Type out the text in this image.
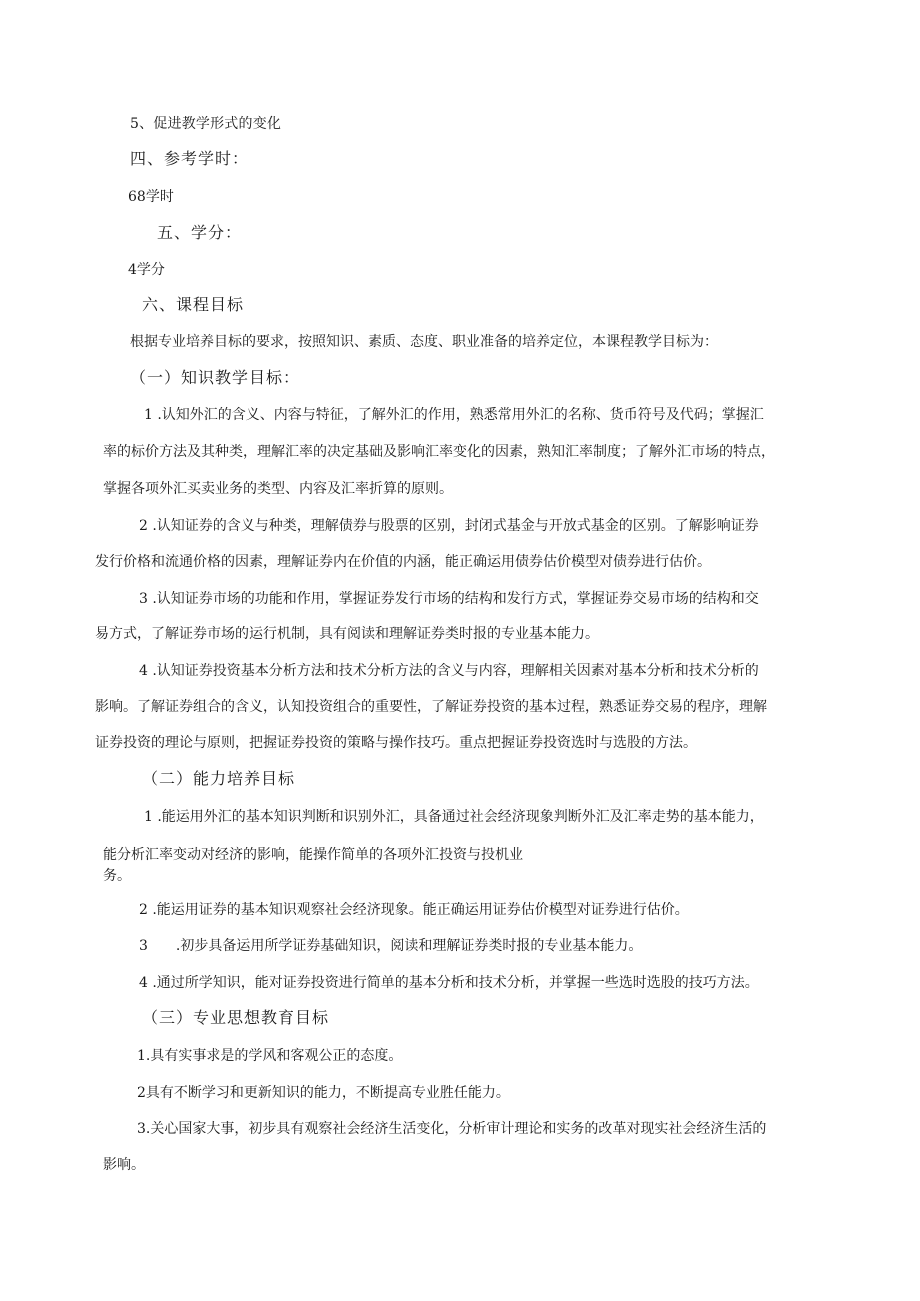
5、促进教学形式的变化
四、参考学时：
68学时
五、学分：
4学分
六、课程目标
根据专业培养目标的要求，按照知识、素质、态度、职业准备的培养定位，本课程教学目标为：
（一）知识教学目标：
1 .认知外汇的含义、内容与特征，了解外汇的作用，熟悉常用外汇的名称、货币符号及代码；掌握汇
率的标价方法及其种类，理解汇率的决定基础及影响汇率变化的因素，熟知汇率制度；了解外汇市场的特点，
掌握各项外汇买卖业务的类型、内容及汇率折算的原则。
2 .认知证券的含义与种类，理解债券与股票的区别，封闭式基金与开放式基金的区别。了解影响证券
发行价格和流通价格的因素，理解证券内在价值的内涵，能正确运用债券估价模型对债券进行估价。
3 .认知证券市场的功能和作用，掌握证券发行市场的结构和发行方式，掌握证券交易市场的结构和交
易方式，了解证券市场的运行机制，具有阅读和理解证券类时报的专业基本能力。
4 .认知证券投资基本分析方法和技术分析方法的含义与内容，理解相关因素对基本分析和技术分析的
影响。了解证券组合的含义，认知投资组合的重要性，了解证券投资的基本过程，熟悉证券交易的程序，理解
证券投资的理论与原则，把握证券投资的策略与操作技巧。重点把握证券投资选时与选股的方法。
（二）能力培养目标
1 .能运用外汇的基本知识判断和识别外汇，具备通过社会经济现象判断外汇及汇率走势的基本能力，
能分析汇率变动对经济的影响，能操作简单的各项外汇投资与投机业
务。
2 .能运用证券的基本知识观察社会经济现象。能正确运用证券估价模型对证券进行估价。
3　　.初步具备运用所学证券基础知识，阅读和理解证券类时报的专业基本能力。
4 .通过所学知识，能对证券投资进行简单的基本分析和技术分析，并掌握一些选时选股的技巧方法。
（三）专业思想教育目标
1.具有实事求是的学风和客观公正的态度。
2具有不断学习和更新知识的能力，不断提高专业胜任能力。
3.关心国家大事，初步具有观察社会经济生活变化，分析审计理论和实务的改革对现实社会经济生活的
影响。
